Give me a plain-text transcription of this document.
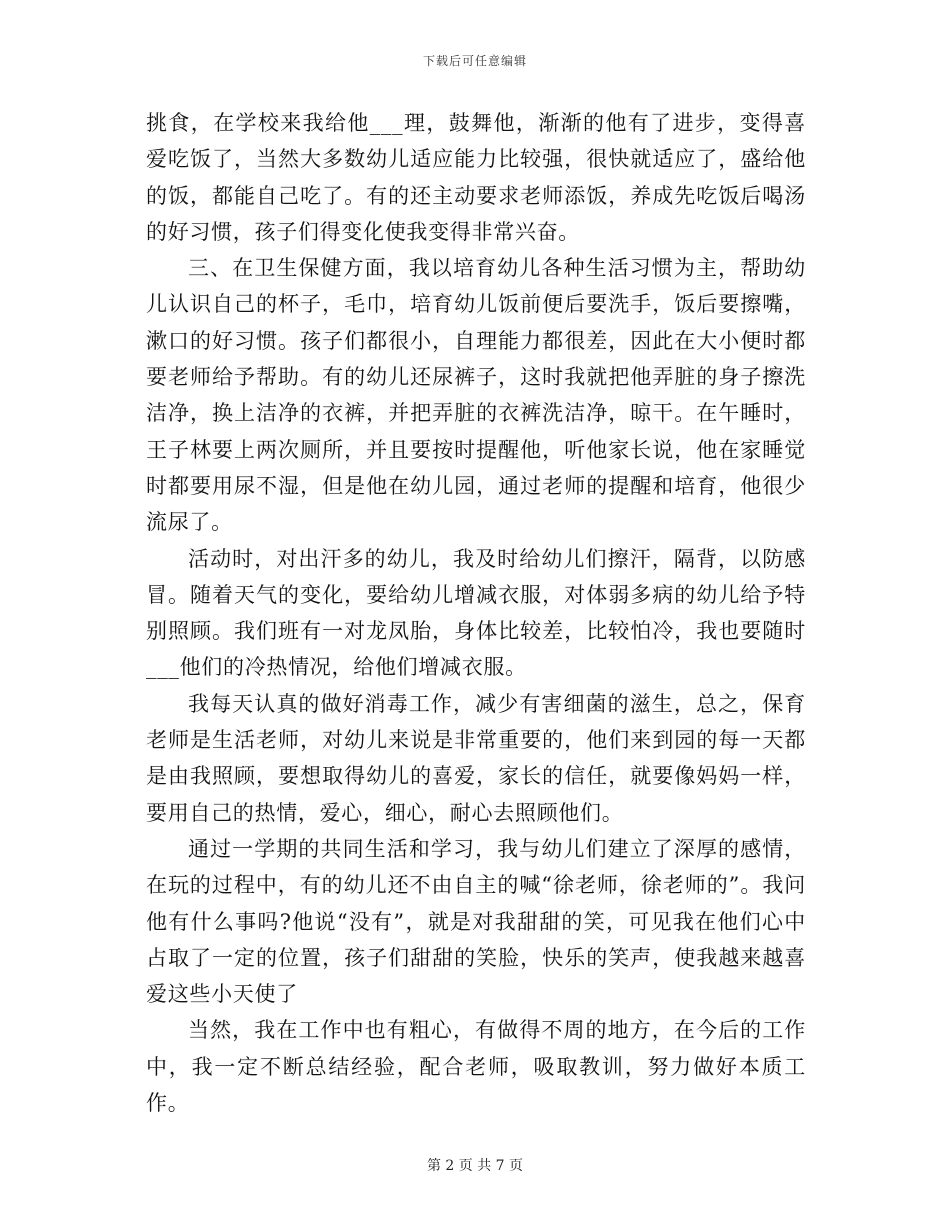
下载后可任意编辑

挑食，在学校来我给他___理，鼓舞他，渐渐的他有了进步，变得喜爱吃饭了，当然大多数幼儿适应能力比较强，很快就适应了，盛给他的饭，都能自己吃了。有的还主动要求老师添饭，养成先吃饭后喝汤的好习惯，孩子们得变化使我变得非常兴奋。

三、在卫生保健方面，我以培育幼儿各种生活习惯为主，帮助幼儿认识自己的杯子，毛巾，培育幼儿饭前便后要洗手，饭后要擦嘴，漱口的好习惯。孩子们都很小，自理能力都很差，因此在大小便时都要老师给予帮助。有的幼儿还尿裤子，这时我就把他弄脏的身子擦洗洁净，换上洁净的衣裤，并把弄脏的衣裤洗洁净，晾干。在午睡时，王子林要上两次厕所，并且要按时提醒他，听他家长说，他在家睡觉时都要用尿不湿，但是他在幼儿园，通过老师的提醒和培育，他很少流尿了。

活动时，对出汗多的幼儿，我及时给幼儿们擦汗，隔背，以防感冒。随着天气的变化，要给幼儿增减衣服，对体弱多病的幼儿给予特别照顾。我们班有一对龙凤胎，身体比较差，比较怕冷，我也要随时___他们的冷热情况，给他们增减衣服。

我每天认真的做好消毒工作，减少有害细菌的滋生，总之，保育老师是生活老师，对幼儿来说是非常重要的，他们来到园的每一天都是由我照顾，要想取得幼儿的喜爱，家长的信任，就要像妈妈一样，要用自己的热情，爱心，细心，耐心去照顾他们。

通过一学期的共同生活和学习，我与幼儿们建立了深厚的感情，在玩的过程中，有的幼儿还不由自主的喊“徐老师，徐老师的”。我问他有什么事吗?他说“没有”，就是对我甜甜的笑，可见我在他们心中占取了一定的位置，孩子们甜甜的笑脸，快乐的笑声，使我越来越喜爱这些小天使了

当然，我在工作中也有粗心，有做得不周的地方，在今后的工作中，我一定不断总结经验，配合老师，吸取教训，努力做好本质工作。

第 2 页 共 7 页
